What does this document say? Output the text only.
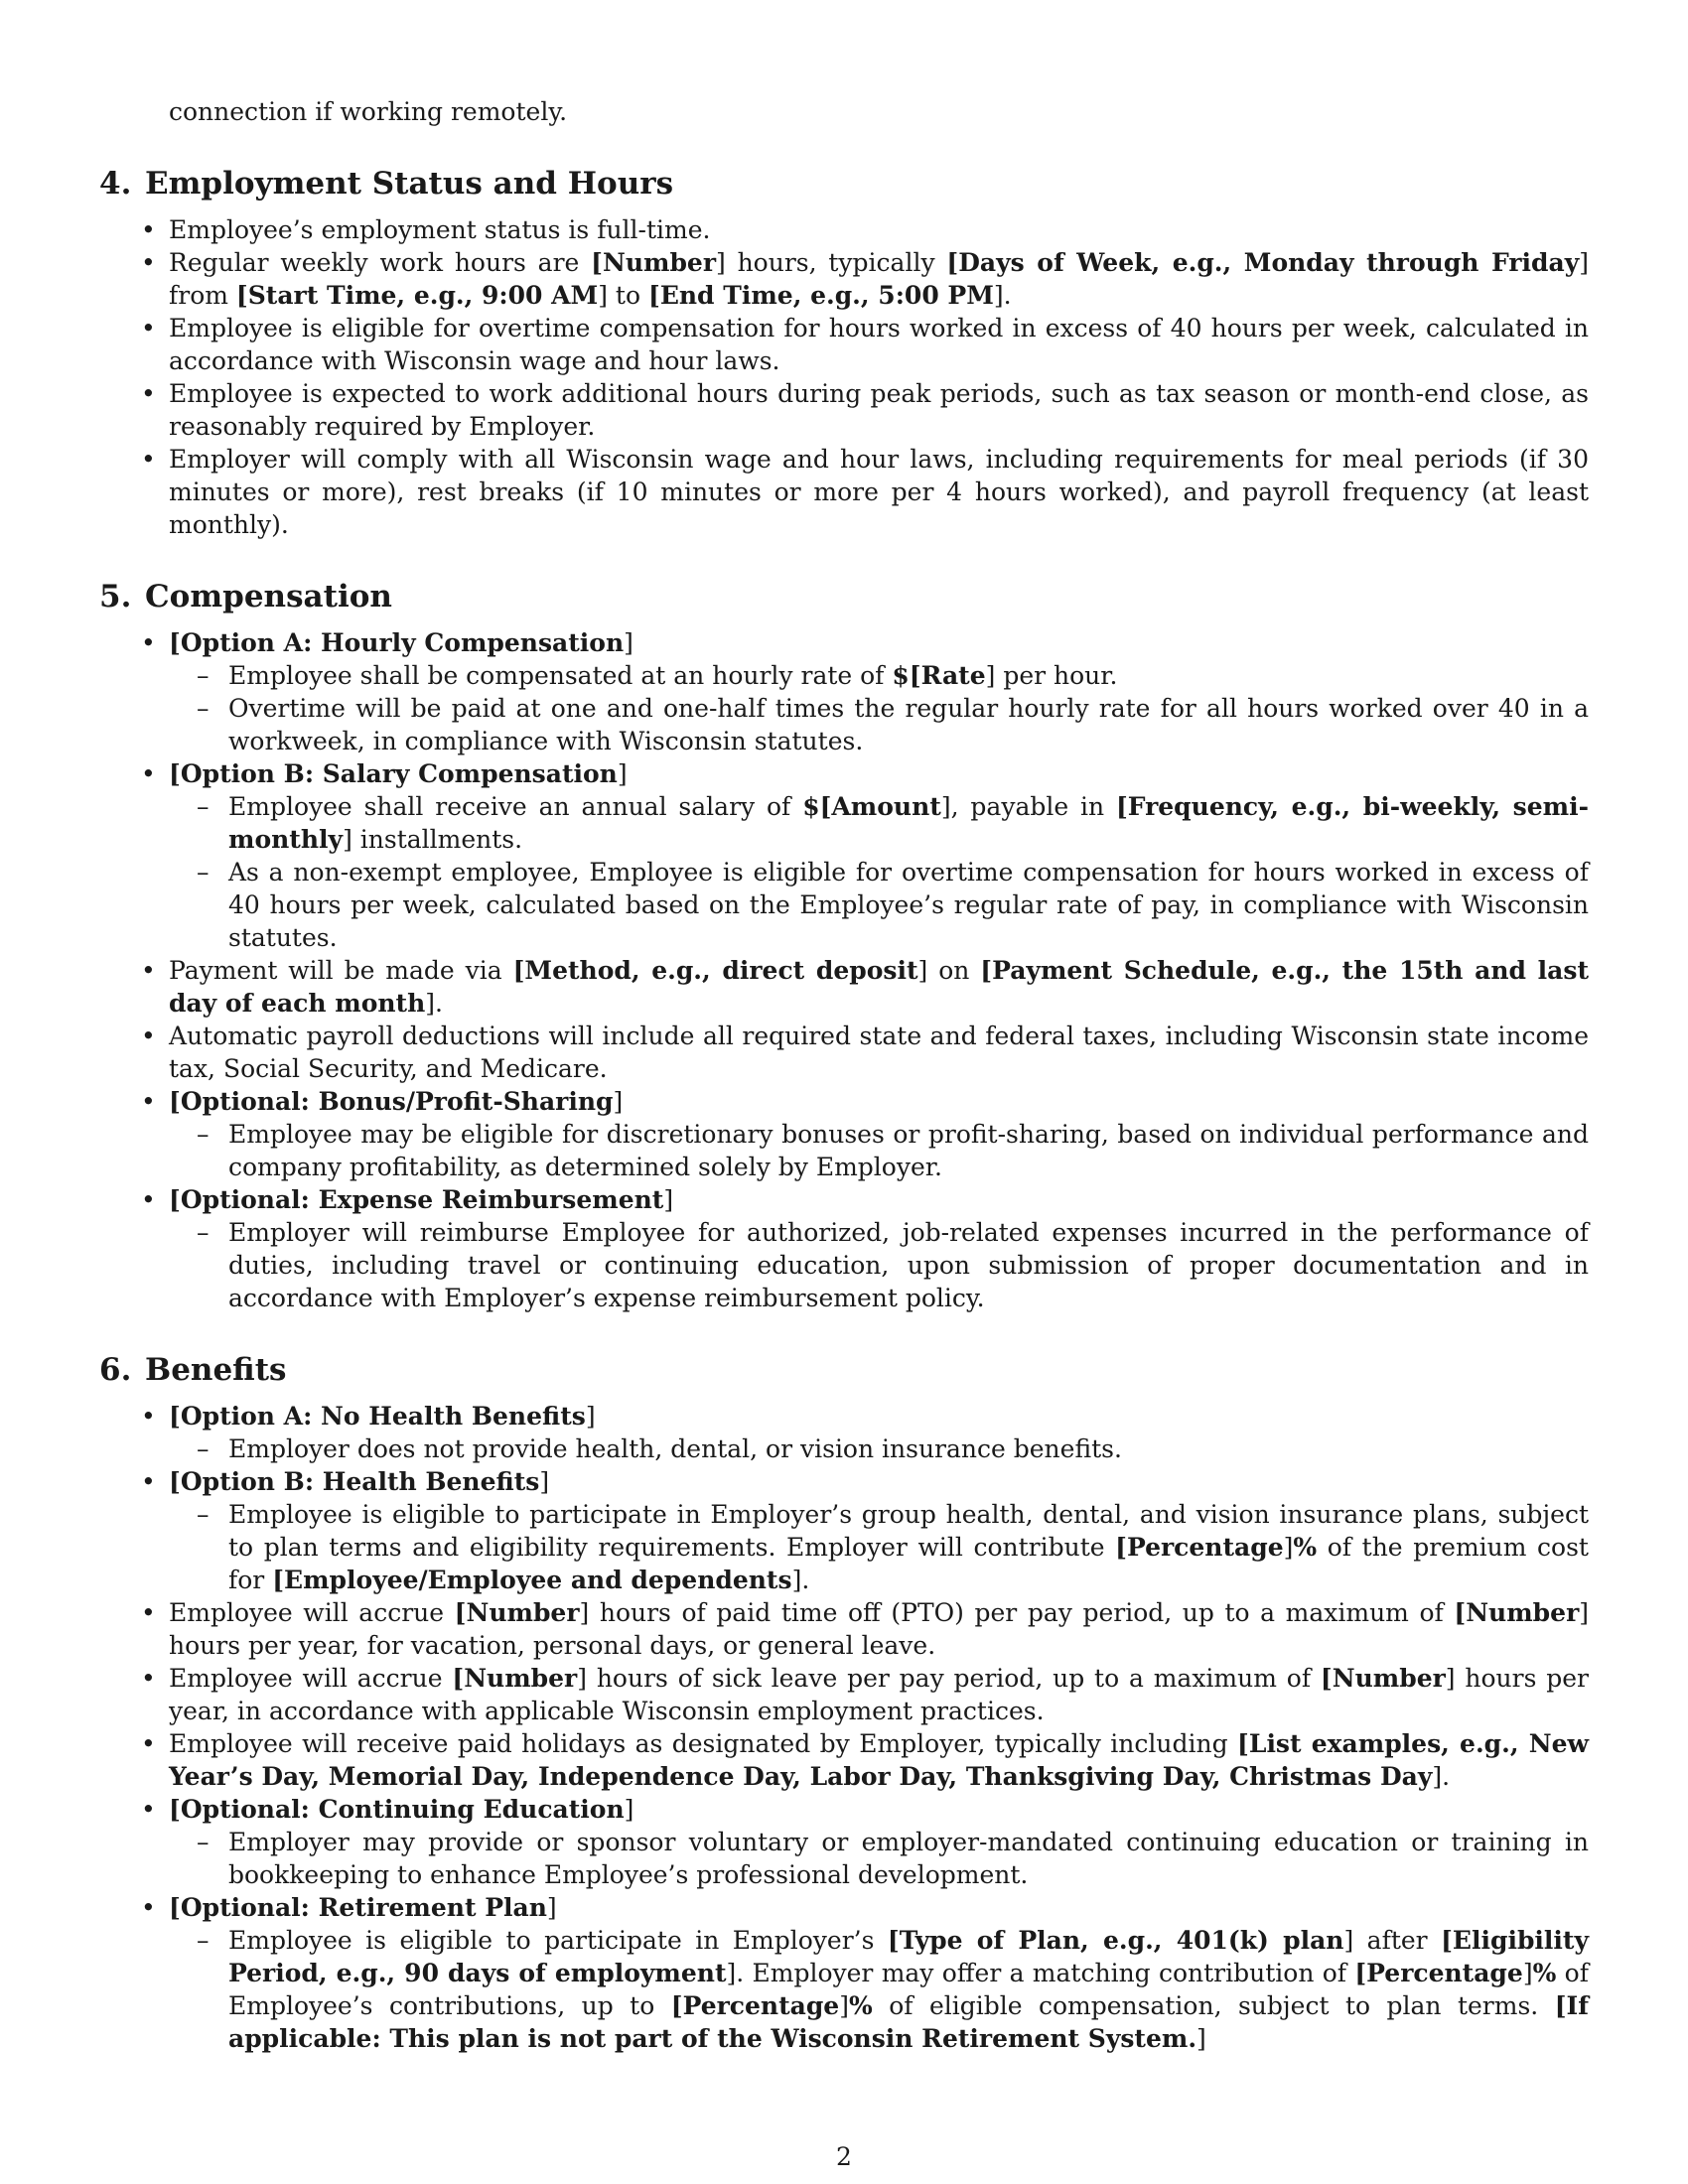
connection if working remotely.

4. Employment Status and Hours
• Employee’s employment status is full-time.
• Regular weekly work hours are [Number] hours, typically [Days of Week, e.g., Monday through Friday] from [Start Time, e.g., 9:00 AM] to [End Time, e.g., 5:00 PM].
• Employee is eligible for overtime compensation for hours worked in excess of 40 hours per week, calculated in accordance with Wisconsin wage and hour laws.
• Employee is expected to work additional hours during peak periods, such as tax season or month-end close, as reasonably required by Employer.
• Employer will comply with all Wisconsin wage and hour laws, including requirements for meal periods (if 30 minutes or more), rest breaks (if 10 minutes or more per 4 hours worked), and payroll frequency (at least monthly).
5. Compensation
• [Option A: Hourly Compensation]
– Employee shall be compensated at an hourly rate of $[Rate] per hour.
– Overtime will be paid at one and one-half times the regular hourly rate for all hours worked over 40 in a workweek, in compliance with Wisconsin statutes.
• [Option B: Salary Compensation]
– Employee shall receive an annual salary of $[Amount], payable in [Frequency, e.g., bi-weekly, semi-monthly] installments.
– As a non-exempt employee, Employee is eligible for overtime compensation for hours worked in excess of 40 hours per week, calculated based on the Employee’s regular rate of pay, in compliance with Wisconsin statutes.
• Payment will be made via [Method, e.g., direct deposit] on [Payment Schedule, e.g., the 15th and last day of each month].
• Automatic payroll deductions will include all required state and federal taxes, including Wisconsin state income tax, Social Security, and Medicare.
• [Optional: Bonus/Profit-Sharing]
– Employee may be eligible for discretionary bonuses or profit-sharing, based on individual performance and company profitability, as determined solely by Employer.
• [Optional: Expense Reimbursement]
– Employer will reimburse Employee for authorized, job-related expenses incurred in the performance of duties, including travel or continuing education, upon submission of proper documentation and in accordance with Employer’s expense reimbursement policy.
6. Benefits
• [Option A: No Health Benefits]
– Employer does not provide health, dental, or vision insurance benefits.
• [Option B: Health Benefits]
– Employee is eligible to participate in Employer’s group health, dental, and vision insurance plans, subject to plan terms and eligibility requirements. Employer will contribute [Percentage]% of the premium cost for [Employee/Employee and dependents].
• Employee will accrue [Number] hours of paid time off (PTO) per pay period, up to a maximum of [Number] hours per year, for vacation, personal days, or general leave.
• Employee will accrue [Number] hours of sick leave per pay period, up to a maximum of [Number] hours per year, in accordance with applicable Wisconsin employment practices.
• Employee will receive paid holidays as designated by Employer, typically including [List examples, e.g., New Year’s Day, Memorial Day, Independence Day, Labor Day, Thanksgiving Day, Christmas Day].
• [Optional: Continuing Education]
– Employer may provide or sponsor voluntary or employer-mandated continuing education or training in bookkeeping to enhance Employee’s professional development.
• [Optional: Retirement Plan]
– Employee is eligible to participate in Employer’s [Type of Plan, e.g., 401(k) plan] after [Eligibility Period, e.g., 90 days of employment]. Employer may offer a matching contribution of [Percentage]% of Employee’s contributions, up to [Percentage]% of eligible compensation, subject to plan terms. [If applicable: This plan is not part of the Wisconsin Retirement System.]
2
